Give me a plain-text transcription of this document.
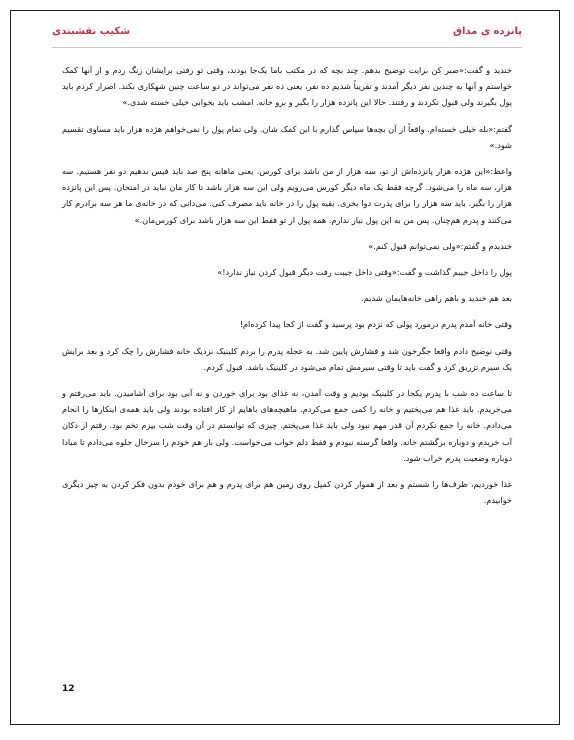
شکیب نقشبندی	پانزده ی مداق

خندید و گفت:«صبر کن برایت توضیح بدهم. چند بچه که در مکتب باما یک‌جا بودند، وقتی تو رفتی برایشان زنگ زدم و از آنها کمک خواستم و آنها به چندین نفر دیگر آمدند و تقریباً شدیم ده نفر، یعنی ده نفر می‌تواند در دو ساعت چنین شهکاری بکند. اصرار کردم باید پول بگیرند ولی قبول نکردند و رفتند. حالا این پانزده هزار را بگیر و برو خانه. امشب باید بخوابی خیلی خسته شدی.»

گفتم:«بله خیلی خسته‌ام. واقعاً از آن بچه‌ها سپاس گذارم با این کمک شان. ولی تمام پول را نمی‌خواهم هژده هزار باید مساوی تقسیم شود.»

واعظ:«این هژده هزار پانزده‌اش از تو، سه هزار از من باشد برای کورس. یعنی ماهانه پنج صد باید فیس بدهیم دو نفر هستیم. سه هزار، سه ماه را می‌شود. گرچه فقط یک ماه دیگر کورس می‌رویم ولی این سه هزار باشد تا کار مان نباید در امتحان. پس این پانزده هزار را بگیر. باید سه هزار را برای پدرت دوا بخری. بقیه پول را در خانه باید مصرف کنی. می‌دانی که در خانه‌ی ما هر سه برادرم کار می‌کنند و پدرم هم‌چنان. پس من به این پول نیاز ندارم. همه پول از تو فقط این سه هزار باشد برای کورس‌مان.»

خندیدم و گفتم:«ولی نمی‌توانم قبول کنم.»

پول را داخل جیبم گذاشت و گفت:«وقتی داخل جیبت رفت دیگر قبول کردن نیاز ندارد!»

بعد هم خندید و باهم راهی خانه‌هایمان شدیم.

وقتی خانه آمدم پدرم درمورد پولی که نزدم بود پرسید و گفت از کجا پیدا کرده‌ام!

وقتی توضیح دادم واقعا جگرخون شد و فشارش پایین شد. به عجله پدرم را بردم کلینیک نزدیک خانه فشارش را چک کرد و بعد برایش یک سیرم تزریق کرد و گفت باید تا وقتی سیرمش تمام می‌شود در کلینیک باشد. قبول کردم.

تا ساعت ده شب با پدرم یکجا در کلینیک بودیم و وقت آمدن، نه غذای بود برای خوردن و نه آبی بود برای آشامیدن. باید می‌رفتم و می‌خریدم. باید غذا هم می‌پختیم و خانه را کمی جمع می‌کردم. ماهیچه‌های باهایم از کار افتاده بودند ولی باید همه‌ی اینکارها را انجام می‌دادم. خانه را جمع نکردم آن قدر مهم نبود ولی باید غذا می‌پختم. چیزی که توانستم در آن وقت شب بپزم تخم بود. رفتم از دکان آب خریدم و دوباره برگشتم خانه. واقعا گرسنه نبودم و فقط دلم خواب می‌خواست. ولی باز هم خودم را سرحال جلوه می‌دادم تا مبادا دوباره وضعیت پدرم خراب شود.

غذا خوردیم، ظرف‌ها را شستم و بعد از هموار کردن کمپل روی زمین هم برای پدرم و هم برای خودم بدون فکر کردن به چیز دیگری خوابیدم.

12
